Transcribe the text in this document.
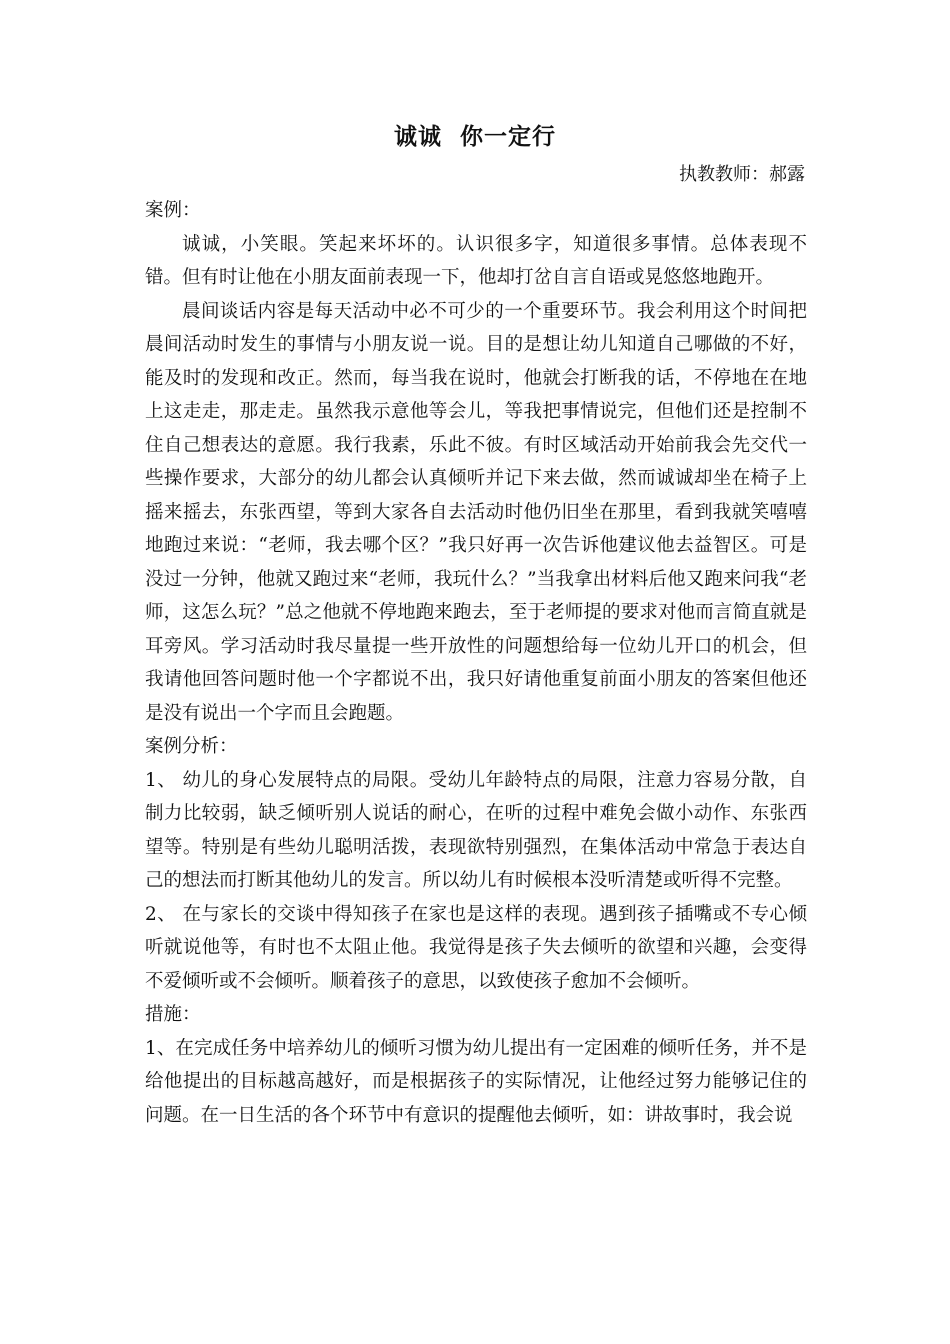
诚诚  你一定行
执教教师：郝露

案例：

诚诚，小笑眼。笑起来坏坏的。认识很多字，知道很多事情。总体表现不错。但有时让他在小朋友面前表现一下，他却打岔自言自语或晃悠悠地跑开。

晨间谈话内容是每天活动中必不可少的一个重要环节。我会利用这个时间把晨间活动时发生的事情与小朋友说一说。目的是想让幼儿知道自己哪做的不好，能及时的发现和改正。然而，每当我在说时，他就会打断我的话，不停地在在地上这走走，那走走。虽然我示意他等会儿，等我把事情说完，但他们还是控制不住自己想表达的意愿。我行我素，乐此不彼。有时区域活动开始前我会先交代一些操作要求，大部分的幼儿都会认真倾听并记下来去做，然而诚诚却坐在椅子上摇来摇去，东张西望，等到大家各自去活动时他仍旧坐在那里，看到我就笑嘻嘻地跑过来说：“老师，我去哪个区？”我只好再一次告诉他建议他去益智区。可是没过一分钟，他就又跑过来“老师，我玩什么？”当我拿出材料后他又跑来问我“老师，这怎么玩？”总之他就不停地跑来跑去，至于老师提的要求对他而言简直就是耳旁风。学习活动时我尽量提一些开放性的问题想给每一位幼儿开口的机会，但我请他回答问题时他一个字都说不出，我只好请他重复前面小朋友的答案但他还是没有说出一个字而且会跑题。

案例分析：

1、 幼儿的身心发展特点的局限。受幼儿年龄特点的局限，注意力容易分散，自制力比较弱，缺乏倾听别人说话的耐心，在听的过程中难免会做小动作、东张西望等。特别是有些幼儿聪明活拨，表现欲特别强烈，在集体活动中常急于表达自己的想法而打断其他幼儿的发言。所以幼儿有时候根本没听清楚或听得不完整。

2、 在与家长的交谈中得知孩子在家也是这样的表现。遇到孩子插嘴或不专心倾听就说他等，有时也不太阻止他。我觉得是孩子失去倾听的欲望和兴趣，会变得不爱倾听或不会倾听。顺着孩子的意思，以致使孩子愈加不会倾听。

措施：

1、在完成任务中培养幼儿的倾听习惯为幼儿提出有一定困难的倾听任务，并不是给他提出的目标越高越好，而是根据孩子的实际情况，让他经过努力能够记住的问题。在一日生活的各个环节中有意识的提醒他去倾听，如：讲故事时，我会说
